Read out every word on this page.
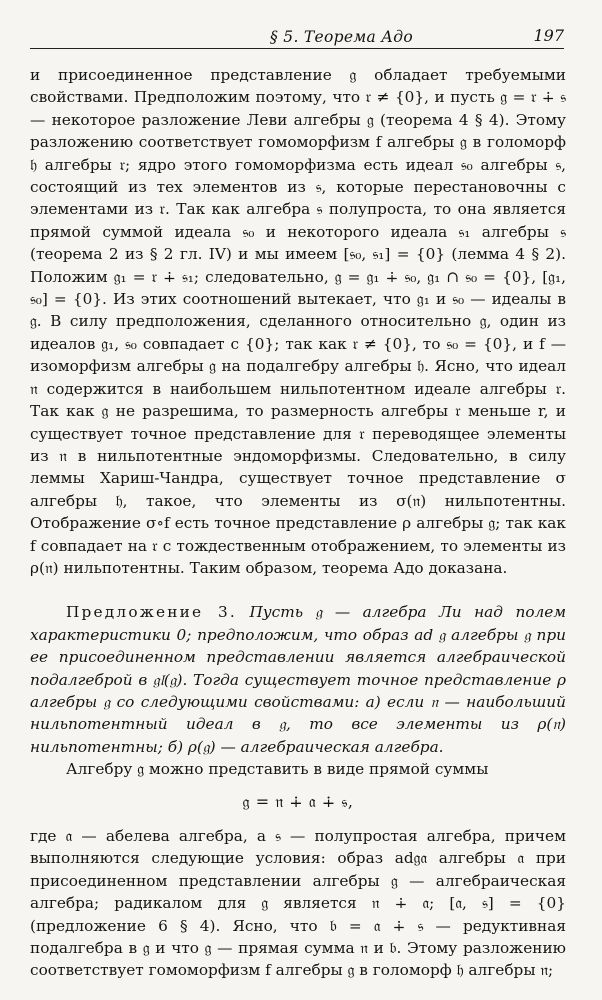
§ 5. Теорема Адо	197

и присоединенное представление 𝔤 обладает требуемыми свойствами. Предположим поэтому, что 𝔯 ≠ {0}, и пусть 𝔤 = 𝔯 ∔ 𝔰 — некоторое разложение Леви алгебры 𝔤 (теорема 4 § 4). Этому разложению соответствует гомоморфизм f алгебры 𝔤 в голоморф 𝔥 алгебры 𝔯; ядро этого гомоморфизма есть идеал 𝔰₀ алгебры 𝔰, состоящий из тех элементов из 𝔰, которые перестановочны с элементами из 𝔯. Так как алгебра 𝔰 полупроста, то она является прямой суммой идеала 𝔰₀ и некоторого идеала 𝔰₁ алгебры 𝔰 (теорема 2 из § 2 гл. IV) и мы имеем [𝔰₀, 𝔰₁] = {0} (лемма 4 § 2). Положим 𝔤₁ = 𝔯 ∔ 𝔰₁; следовательно, 𝔤 = 𝔤₁ ∔ 𝔰₀, 𝔤₁ ∩ 𝔰₀ = {0}, [𝔤₁, 𝔰₀] = {0}. Из этих соотношений вытекает, что 𝔤₁ и 𝔰₀ — идеалы в 𝔤. В силу предположения, сделанного относительно 𝔤, один из идеалов 𝔤₁, 𝔰₀ совпадает с {0}; так как 𝔯 ≠ {0}, то 𝔰₀ = {0}, и f — изоморфизм алгебры 𝔤 на подалгебру алгебры 𝔥. Ясно, что идеал 𝔫 содержится в наибольшем нильпотентном идеале алгебры 𝔯. Так как 𝔤 не разрешима, то размерность алгебры 𝔯 меньше r, и существует точное представление для 𝔯 переводящее элементы из 𝔫 в нильпотентные эндоморфизмы. Следовательно, в силу леммы Хариш-Чандра, существует точное представление σ алгебры 𝔥, такое, что элементы из σ(𝔫) нильпотентны. Отображение σ∘f есть точное представление ρ алгебры 𝔤; так как f совпадает на 𝔯 с тождественным отображением, то элементы из ρ(𝔫) нильпотентны. Таким образом, теорема Адо доказана.

Предложение 3. Пусть 𝔤 — алгебра Ли над полем характеристики 0; предположим, что образ ad 𝔤 алгебры 𝔤 при ее присоединенном представлении является алгебраической подалгеброй в 𝔤𝔩(𝔤). Тогда существует точное представление ρ алгебры 𝔤 со следующими свойствами: а) если 𝔫 — наибольший нильпотентный идеал в 𝔤, то все элементы из ρ(𝔫) нильпотентны; б) ρ(𝔤) — алгебраическая алгебра.

Алгебру 𝔤 можно представить в виде прямой суммы

𝔤 = 𝔫 ∔ 𝔞 ∔ 𝔰,

где 𝔞 — абелева алгебра, а 𝔰 — полупростая алгебра, причем выполняются следующие условия: образ ad𝔤𝔞 алгебры 𝔞 при присоединенном представлении алгебры 𝔤 — алгебраическая алгебра; радикалом для 𝔤 является 𝔫 ∔ 𝔞; [𝔞, 𝔰] = {0} (предложение 6 § 4). Ясно, что 𝔟 = 𝔞 ∔ 𝔰 — редуктивная подалгебра в 𝔤 и что 𝔤 — прямая сумма 𝔫 и 𝔟. Этому разложению соответствует гомоморфизм f алгебры 𝔤 в голоморф 𝔥 алгебры 𝔫;
